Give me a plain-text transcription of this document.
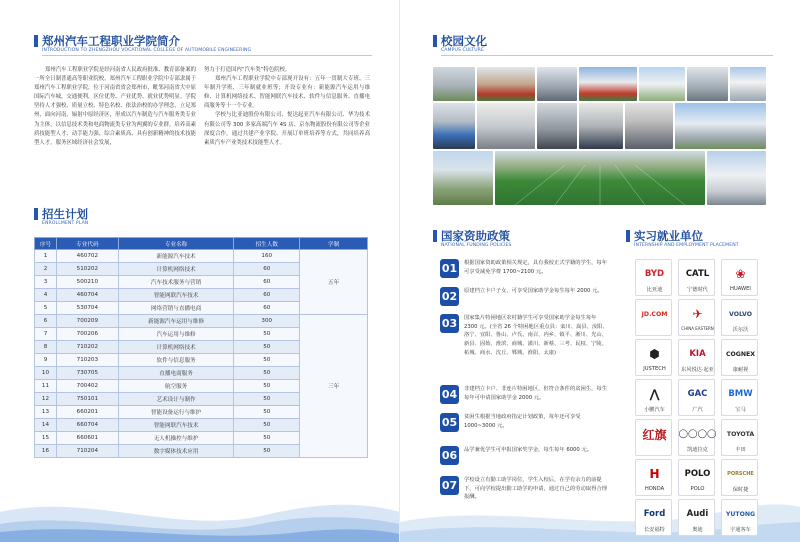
郑州汽车工程职业学院简介
INTRODUCTION TO ZHENGZHOU VOCATIONAL COLLEGE OF AUTOMOBILE ENGINEERING

郑州汽车工程职业学院是经河南省人民政府批准、教育部备案的一所全日制普通高等职业院校。郑州汽车工程职业学院中专部隶属于郑州汽车工程职业学院，位于河南省省会郑州市，毗邻河南省大中原国际汽车城，交通便利，区位优势、产业优势、就业优势明显。学院坚持人才强校、质量立校、特色名校、依法治校的办学理念，立足郑州，面向河南，辐射中原经济区，形成以汽车制造与汽车服务类专业为主体，以信息技术类和电商物流类专业为两翼的专业群。培养高素质技能型人才、动手能力强、综合素质高、具有创新精神的技术技能型人才，服务区域经济社会发展，

努力于打造国内“汽车类”特色院校。

郑州汽车工程职业学院中专部现开设有：五年一贯制大专班、三年制升学班、三年制就业班等；开设专业有：新能源汽车运用与维修、计算机网络技术、智能网联汽车技术、软件与信息服务、直播电商服务等十一个专业。

学校与比亚迪股份有限公司、悦达起亚汽车有限公司、华为技术有限公司等 300 多家高端汽车 4S 店、京东物流股份有限公司等企业深度合作，通过共建产业学院、开展订单班培养等方式，共同培养高素质汽车产业类技术技能型人才。

招生计划
ENROLLMENT PLAN
序号	专业代码	专业名称	招生人数	学制
1	460702	新能源汽车技术	160	五年
2	510202	计算机网络技术	60	
3	500210	汽车技术服务与营销	60	
4	460704	智能网联汽车技术	60	
5	530704	网络营销与直播电商	60	
6	700209	新能源汽车运用与维修	300	三年
7	700206	汽车运用与维修	50	
8	710202	计算机网络技术	50	
9	710203	软件与信息服务	50	
10	730705	直播电商服务	50	
11	700402	航空服务	50	
12	750101	艺术设计与制作	50	
13	660201	智能设备运行与维护	50	
14	660704	智能网联汽车技术	50	
15	660601	无人机操控与维护	50	
16	710204	数字媒体技术应用	50	
校园文化
CAMPUS CULTURE
国家资助政策
NATIONAL FUNDING POLICIES
01	根据国家资助政策相关规定，具有我校正式学籍的学生，每年可享受减免学费 1700~2100 元。
02	原建档立卡户子女，可享受国家助学金每生每年 2000 元。
03	国家集片特困地区农村籍学生可享受国家助学金每生每年 2300 元。(全省 26 个特困地区重点县：栾川、嵩县、汝阳、洛宁、宜阳、鲁山、卢氏、南召、内乡、镇平、淅川、光山、新县、固始、淮滨、商城、潢川、新蔡、三考、民权、宁陵、柘城、商水、沈丘、郸城、淮阳、太康)
04	非建档立卡户、非连片特困地区，但符合条件的贫困生，每生每年可申请国家助学金 2000 元。
05	贫困生根据当地政府指定计划政策，每年还可享受 1000~3000 元。
06	品学兼优学生可申报国家奖学金，每生每年 6000 元。
07	学校设立有勤工助学岗位，学生入校后，在学有余力的前提下，可向学校提出勤工助学的申请，通过自己的劳动取得合理报酬。
实习就业单位
INTERNSHIP AND EMPLOYMENT PLACEMENT
BYD
比亚迪
CATL
宁德时代
❀
HUAWEI
JD.COM ✈
CHINA EASTERN
VOLVO
沃尔沃
⬢
JUSTECH
KIA
东风悦达·起亚
COGNEX
康耐视
⋀
小鹏汽车
GAC
广汽
BMW
宝马
红旗 ◯◯◯◯
凯迪拉克
TOYOTA
丰田
H
HONDA
POLO
POLO
PORSCHE
保时捷
Ford
长安福特
Audi
奥迪
YUTONG
宇通客车
